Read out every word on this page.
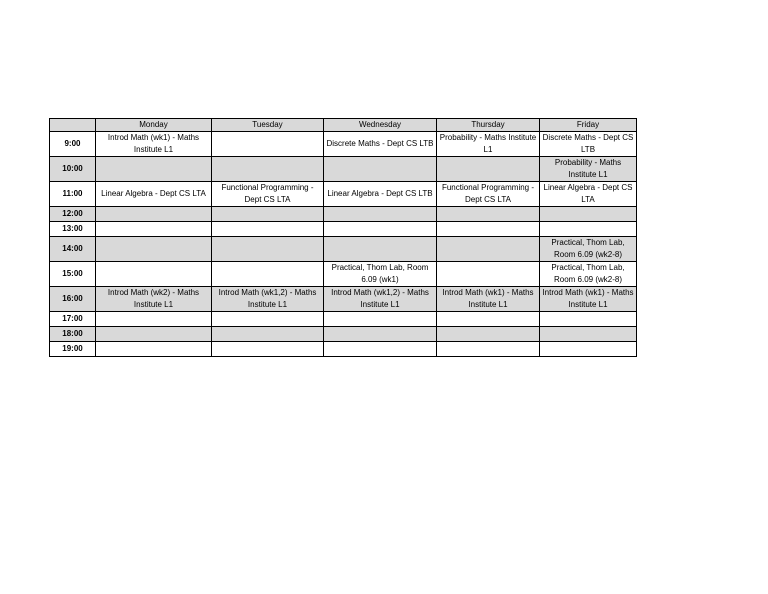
	Monday	Tuesday	Wednesday	Thursday	Friday
9:00	Introd Math (wk1) - Maths Institute L1		Discrete Maths - Dept CS LTB	Probability - Maths Institute L1	Discrete Maths - Dept CS LTB
10:00					Probability - Maths Institute L1
11:00	Linear Algebra - Dept CS LTA	Functional Programming - Dept CS LTA	Linear Algebra - Dept CS LTB	Functional Programming - Dept CS LTA	Linear Algebra - Dept CS LTA
12:00					
13:00					
14:00					Practical, Thom Lab, Room 6.09 (wk2-8)
15:00			Practical, Thom Lab, Room 6.09 (wk1)		Practical, Thom Lab, Room 6.09 (wk2-8)
16:00	Introd Math (wk2) - Maths Institute L1	Introd Math (wk1,2) - Maths Institute L1	Introd Math (wk1,2) - Maths Institute L1	Introd Math (wk1) - Maths Institute L1	Introd Math (wk1) - Maths Institute L1
17:00					
18:00					
19:00					
